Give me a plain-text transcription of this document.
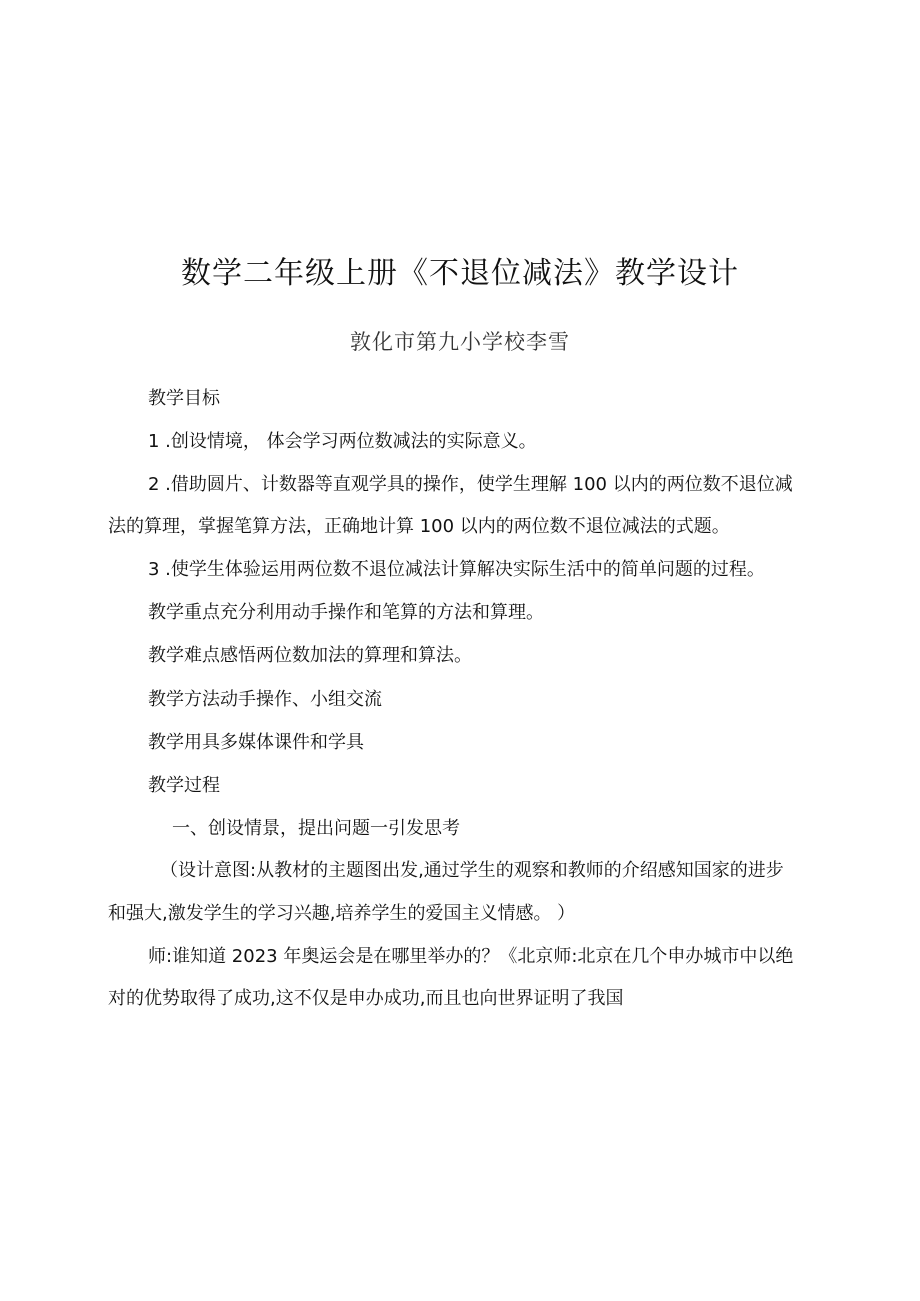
数学二年级上册《不退位减法》教学设计
敦化市第九小学校李雪
教学目标
1 .创设情境， 体会学习两位数减法的实际意义。
2 .借助圆片、计数器等直观学具的操作，使学生理解 100 以内的两位数不退位减
法的算理，掌握笔算方法，正确地计算 100 以内的两位数不退位减法的式题。
3 .使学生体验运用两位数不退位减法计算解决实际生活中的简单问题的过程。
教学重点充分利用动手操作和笔算的方法和算理。
教学难点感悟两位数加法的算理和算法。
教学方法动手操作、小组交流
教学用具多媒体课件和学具
教学过程
一、创设情景，提出问题一引发思考
（设计意图:从教材的主题图出发,通过学生的观察和教师的介绍感知国家的进步
和强大,激发学生的学习兴趣,培养学生的爱国主义情感。 ）
师:谁知道 2023 年奥运会是在哪里举办的？《北京师:北京在几个申办城市中以绝
对的优势取得了成功,这不仅是申办成功,而且也向世界证明了我国
